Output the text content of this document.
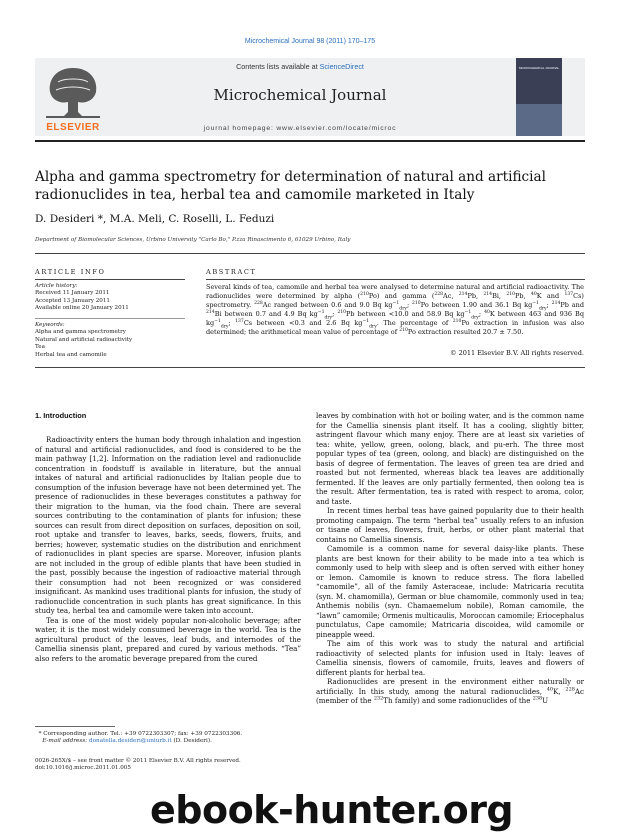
Microchemical Journal 98 (2011) 170–175
ELSEVIER
Contents lists available at ScienceDirect
Microchemical Journal
journal homepage: www.elsevier.com/locate/microc
MICROCHEMICAL JOURNAL
Alpha and gamma spectrometry for determination of natural and artificial radionuclides in tea, herbal tea and camomile marketed in Italy
D. Desideri *, M.A. Meli, C. Roselli, L. Feduzi
Department of Biomolecular Sciences, Urbino University "Carlo Bo," P.zza Rinascimento 6, 61029 Urbino, Italy
ARTICLE INFO
Article history:
Received 11 January 2011
Accepted 13 January 2011
Available online 20 January 2011
Keywords:
Alpha and gamma spectrometry
Natural and artificial radioactivity
Tea
Herbal tea and camomile
ABSTRACT
Several kinds of tea, camomile and herbal tea were analysed to determine natural and artificial radioactivity. The radionuclides were determined by alpha ($^{210}$Po) and gamma ($^{228}$Ac, $^{214}$Pb, $^{214}$Bi, $^{210}$Pb, $^{40}$K and $^{137}$Cs) spectrometry. $^{228}$Ac ranged between 0.6 and 9.0 Bq $kg^{-1}_{dry}$; $^{210}$Po between 1.90 and 36.1 Bq $kg^{-1}_{dry}$; $^{214}$Pb and $^{214}$Bi between 0.7 and 4.9 Bq $kg^{-1}_{dry}$; $^{210}$Pb between <10.0 and 58.9 Bq $kg^{-1}_{dry}$; $^{40}$K between 463 and 936 Bq $kg^{-1}_{dry}$; $^{137}$Cs between <0.3 and 2.6 Bq $kg^{-1}_{dry}$. The percentage of $^{210}$Po extraction in infusion was also determined; the arithmetical mean value of percentage of $^{210}$Po extraction resulted 20.7 ± 7.50.
© 2011 Elsevier B.V. All rights reserved.
1. Introduction

Radioactivity enters the human body through inhalation and ingestion of natural and artificial radionuclides, and food is considered to be the main pathway [1,2]. Information on the radiation level and radionuclide concentration in foodstuff is available in literature, but the annual intakes of natural and artificial radionuclides by Italian people due to consumption of the infusion beverage have not been determined yet. The presence of radionuclides in these beverages constitutes a pathway for their migration to the human, via the food chain. There are several sources contributing to the contamination of plants for infusion; these sources can result from direct deposition on surfaces, deposition on soil, root uptake and transfer to leaves, barks, seeds, flowers, fruits, and berries; however, systematic studies on the distribution and enrichment of radionuclides in plant species are sparse. Moreover, infusion plants are not included in the group of edible plants that have been studied in the past, possibly because the ingestion of radioactive material through their consumption had not been recognized or was considered insignificant. As mankind uses traditional plants for infusion, the study of radionuclide concentration in such plants has great significance. In this study tea, herbal tea and camomile were taken into account.

Tea is one of the most widely popular non-alcoholic beverage; after water, it is the most widely consumed beverage in the world. Tea is the agricultural product of the leaves, leaf buds, and internodes of the Camellia sinensis plant, prepared and cured by various methods. “Tea” also refers to the aromatic beverage prepared from the cured

* Corresponding author. Tel.: +39 0722303307; fax: +39 0722303306.
E-mail address: donatella.desideri@uniurb.it (D. Desideri).
0026-265X/$ – see front matter © 2011 Elsevier B.V. All rights reserved.
doi:10.1016/j.microc.2011.01.005

leaves by combination with hot or boiling water, and is the common name for the Camellia sinensis plant itself. It has a cooling, slightly bitter, astringent flavour which many enjoy. There are at least six varieties of tea: white, yellow, green, oolong, black, and pu-erh. The three most popular types of tea (green, oolong, and black) are distinguished on the basis of degree of fermentation. The leaves of green tea are dried and roasted but not fermented, whereas black tea leaves are additionally fermented. If the leaves are only partially fermented, then oolong tea is the result. After fermentation, tea is rated with respect to aroma, color, and taste.

In recent times herbal teas have gained popularity due to their health promoting campaign. The term “herbal tea” usually refers to an infusion or tisane of leaves, flowers, fruit, herbs, or other plant material that contains no Camellia sinensis.

Camomile is a common name for several daisy-like plants. These plants are best known for their ability to be made into a tea which is commonly used to help with sleep and is often served with either honey or lemon. Camomile is known to reduce stress. The flora labelled “camomile”, all of the family Asteraceae, include: Matricaria recutita (syn. M. chamomilla), German or blue chamomile, commonly used in tea; Anthemis nobilis (syn. Chamaemelum nobile), Roman camomile, the “lawn” camomile; Ormenis multicaulis, Moroccan camomile; Eriocephalus punctulatus, Cape camomile; Matricaria discoidea, wild camomile or pineapple weed.

The aim of this work was to study the natural and artificial radioactivity of selected plants for infusion used in Italy: leaves of Camellia sinensis, flowers of camomile, fruits, leaves and flowers of different plants for herbal tea.

Radionuclides are present in the environment either naturally or artificially. In this study, among the natural radionuclides, $^{40}$K, $^{228}$Ac (member of the $^{232}$Th family) and some radionuclides of the $^{238}$U

ebook-hunter.org
